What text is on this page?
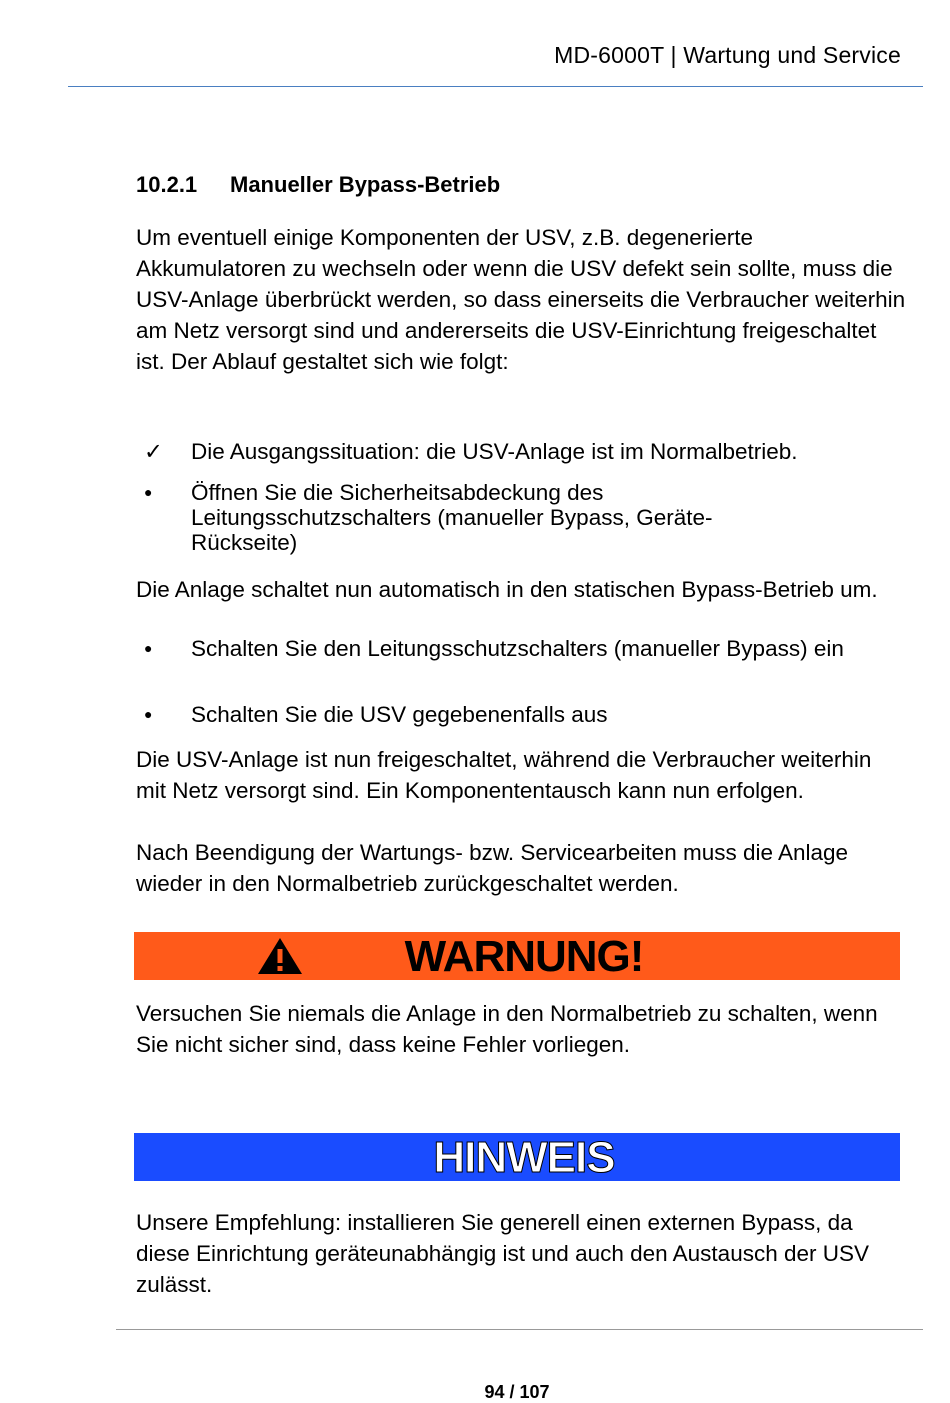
MD-6000T | Wartung und Service
10.2.1 Manueller Bypass-Betrieb
Um eventuell einige Komponenten der USV, z.B. degenerierte Akkumulatoren zu wechseln oder wenn die USV defekt sein sollte, muss die USV-Anlage überbrückt werden, so dass einerseits die Verbraucher weiterhin am Netz versorgt sind und andererseits die USV-Einrichtung freigeschaltet ist. Der Ablauf gestaltet sich wie folgt:
✓ Die Ausgangssituation: die USV-Anlage ist im Normalbetrieb.
●	Öffnen Sie die Sicherheitsabdeckung des Leitungsschutzschalters (manueller Bypass, Geräte-Rückseite)
Die Anlage schaltet nun automatisch in den statischen Bypass-Betrieb um.
●	Schalten Sie den Leitungsschutzschalters (manueller Bypass) ein
●	Schalten Sie die USV gegebenenfalls aus
Die USV-Anlage ist nun freigeschaltet, während die Verbraucher weiterhin mit Netz versorgt sind. Ein Komponententausch kann nun erfolgen.
Nach Beendigung der Wartungs- bzw. Servicearbeiten muss die Anlage wieder in den Normalbetrieb zurückgeschaltet werden.
Versuchen Sie niemals die Anlage in den Normalbetrieb zu schalten, wenn Sie nicht sicher sind, dass keine Fehler vorliegen.
Unsere Empfehlung: installieren Sie generell einen externen Bypass, da diese Einrichtung geräteunabhängig ist und auch den Austausch der USV zulässt.
WARNUNG!
HINWEIS
94 / 107
